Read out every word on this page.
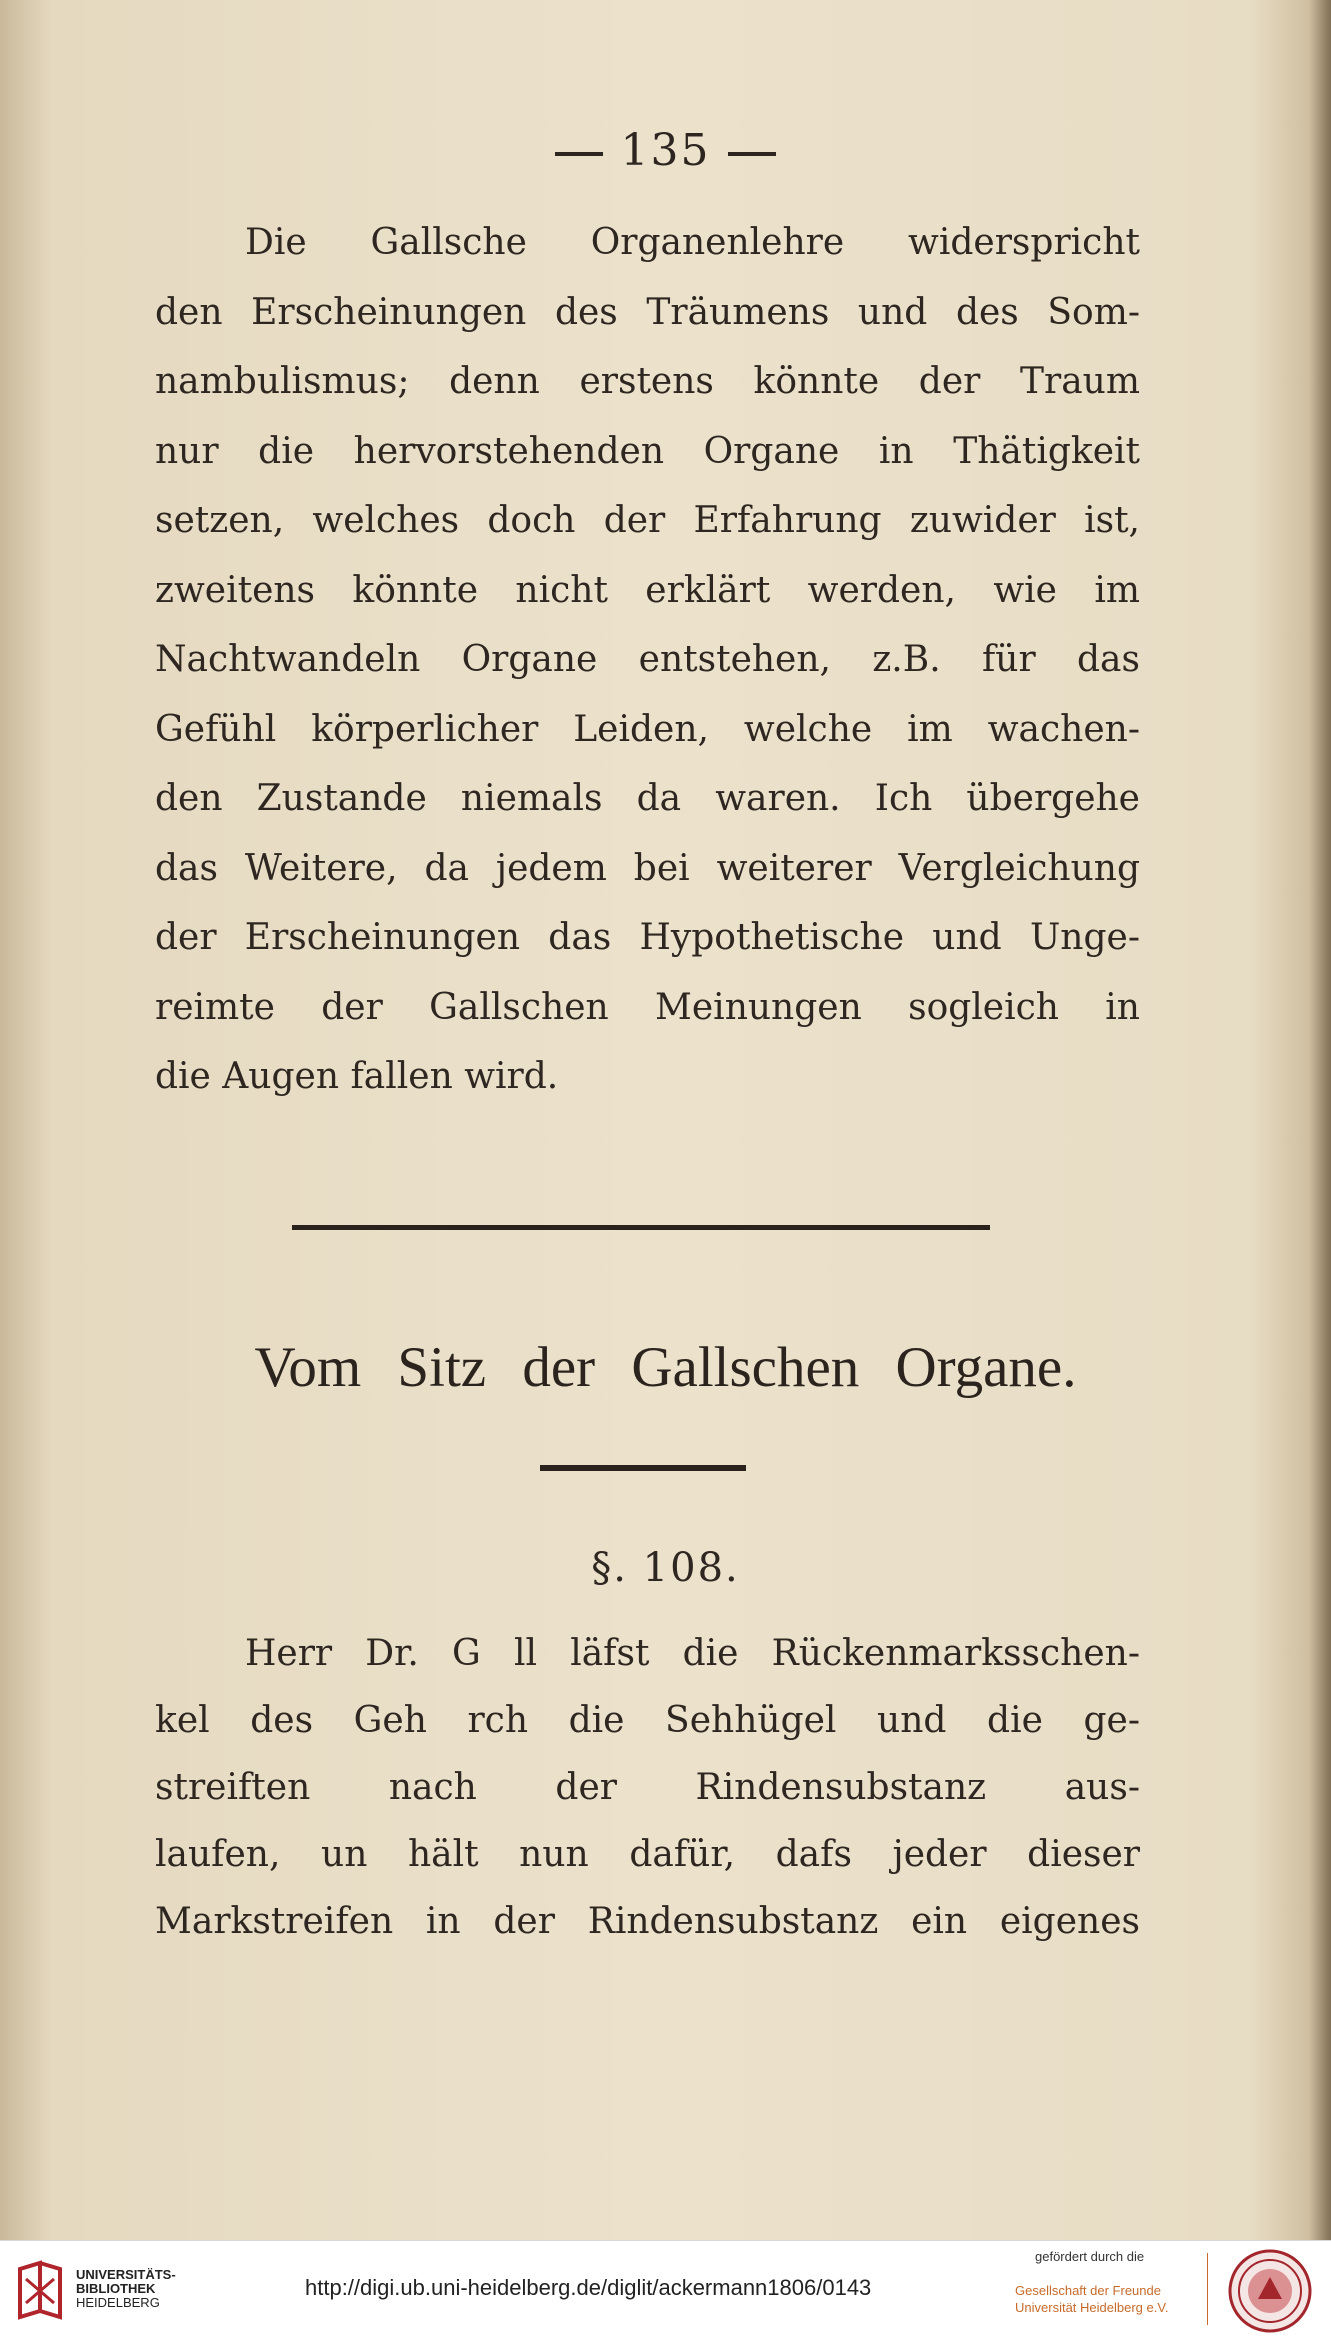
135
Die Gallsche Organenlehre widerspricht
den Erscheinungen des Träumens und des Som-
nambulismus; denn erstens könnte der Traum
nur die hervorstehenden Organe in Thätigkeit
setzen, welches doch der Erfahrung zuwider ist,
zweitens könnte nicht erklärt werden, wie im
Nachtwandeln Organe entstehen, z.B. für das
Gefühl körperlicher Leiden, welche im wachen-
den Zustande niemals da waren. Ich übergehe
das Weitere, da jedem bei weiterer Vergleichung
der Erscheinungen das Hypothetische und Unge-
reimte der Gallschen Meinungen sogleich in
die Augen fallen wird.
Vom Sitz der Gallschen Organe.
§. 108.
Herr Dr. G ll läfst die Rückenmarksschen-
kel des Geh rch die Sehhügel und die ge-
streiften nach der Rindensubstanz aus-
laufen, un hält nun dafür, dafs jeder dieser
Markstreifen in der Rindensubstanz ein eigenes
UNIVERSITÄTS-
BIBLIOTHEK
HEIDELBERG
http://digi.ub.uni-heidelberg.de/diglit/ackermann1806/0143
gefördert durch die
Gesellschaft der Freunde
Universität Heidelberg e.V.
